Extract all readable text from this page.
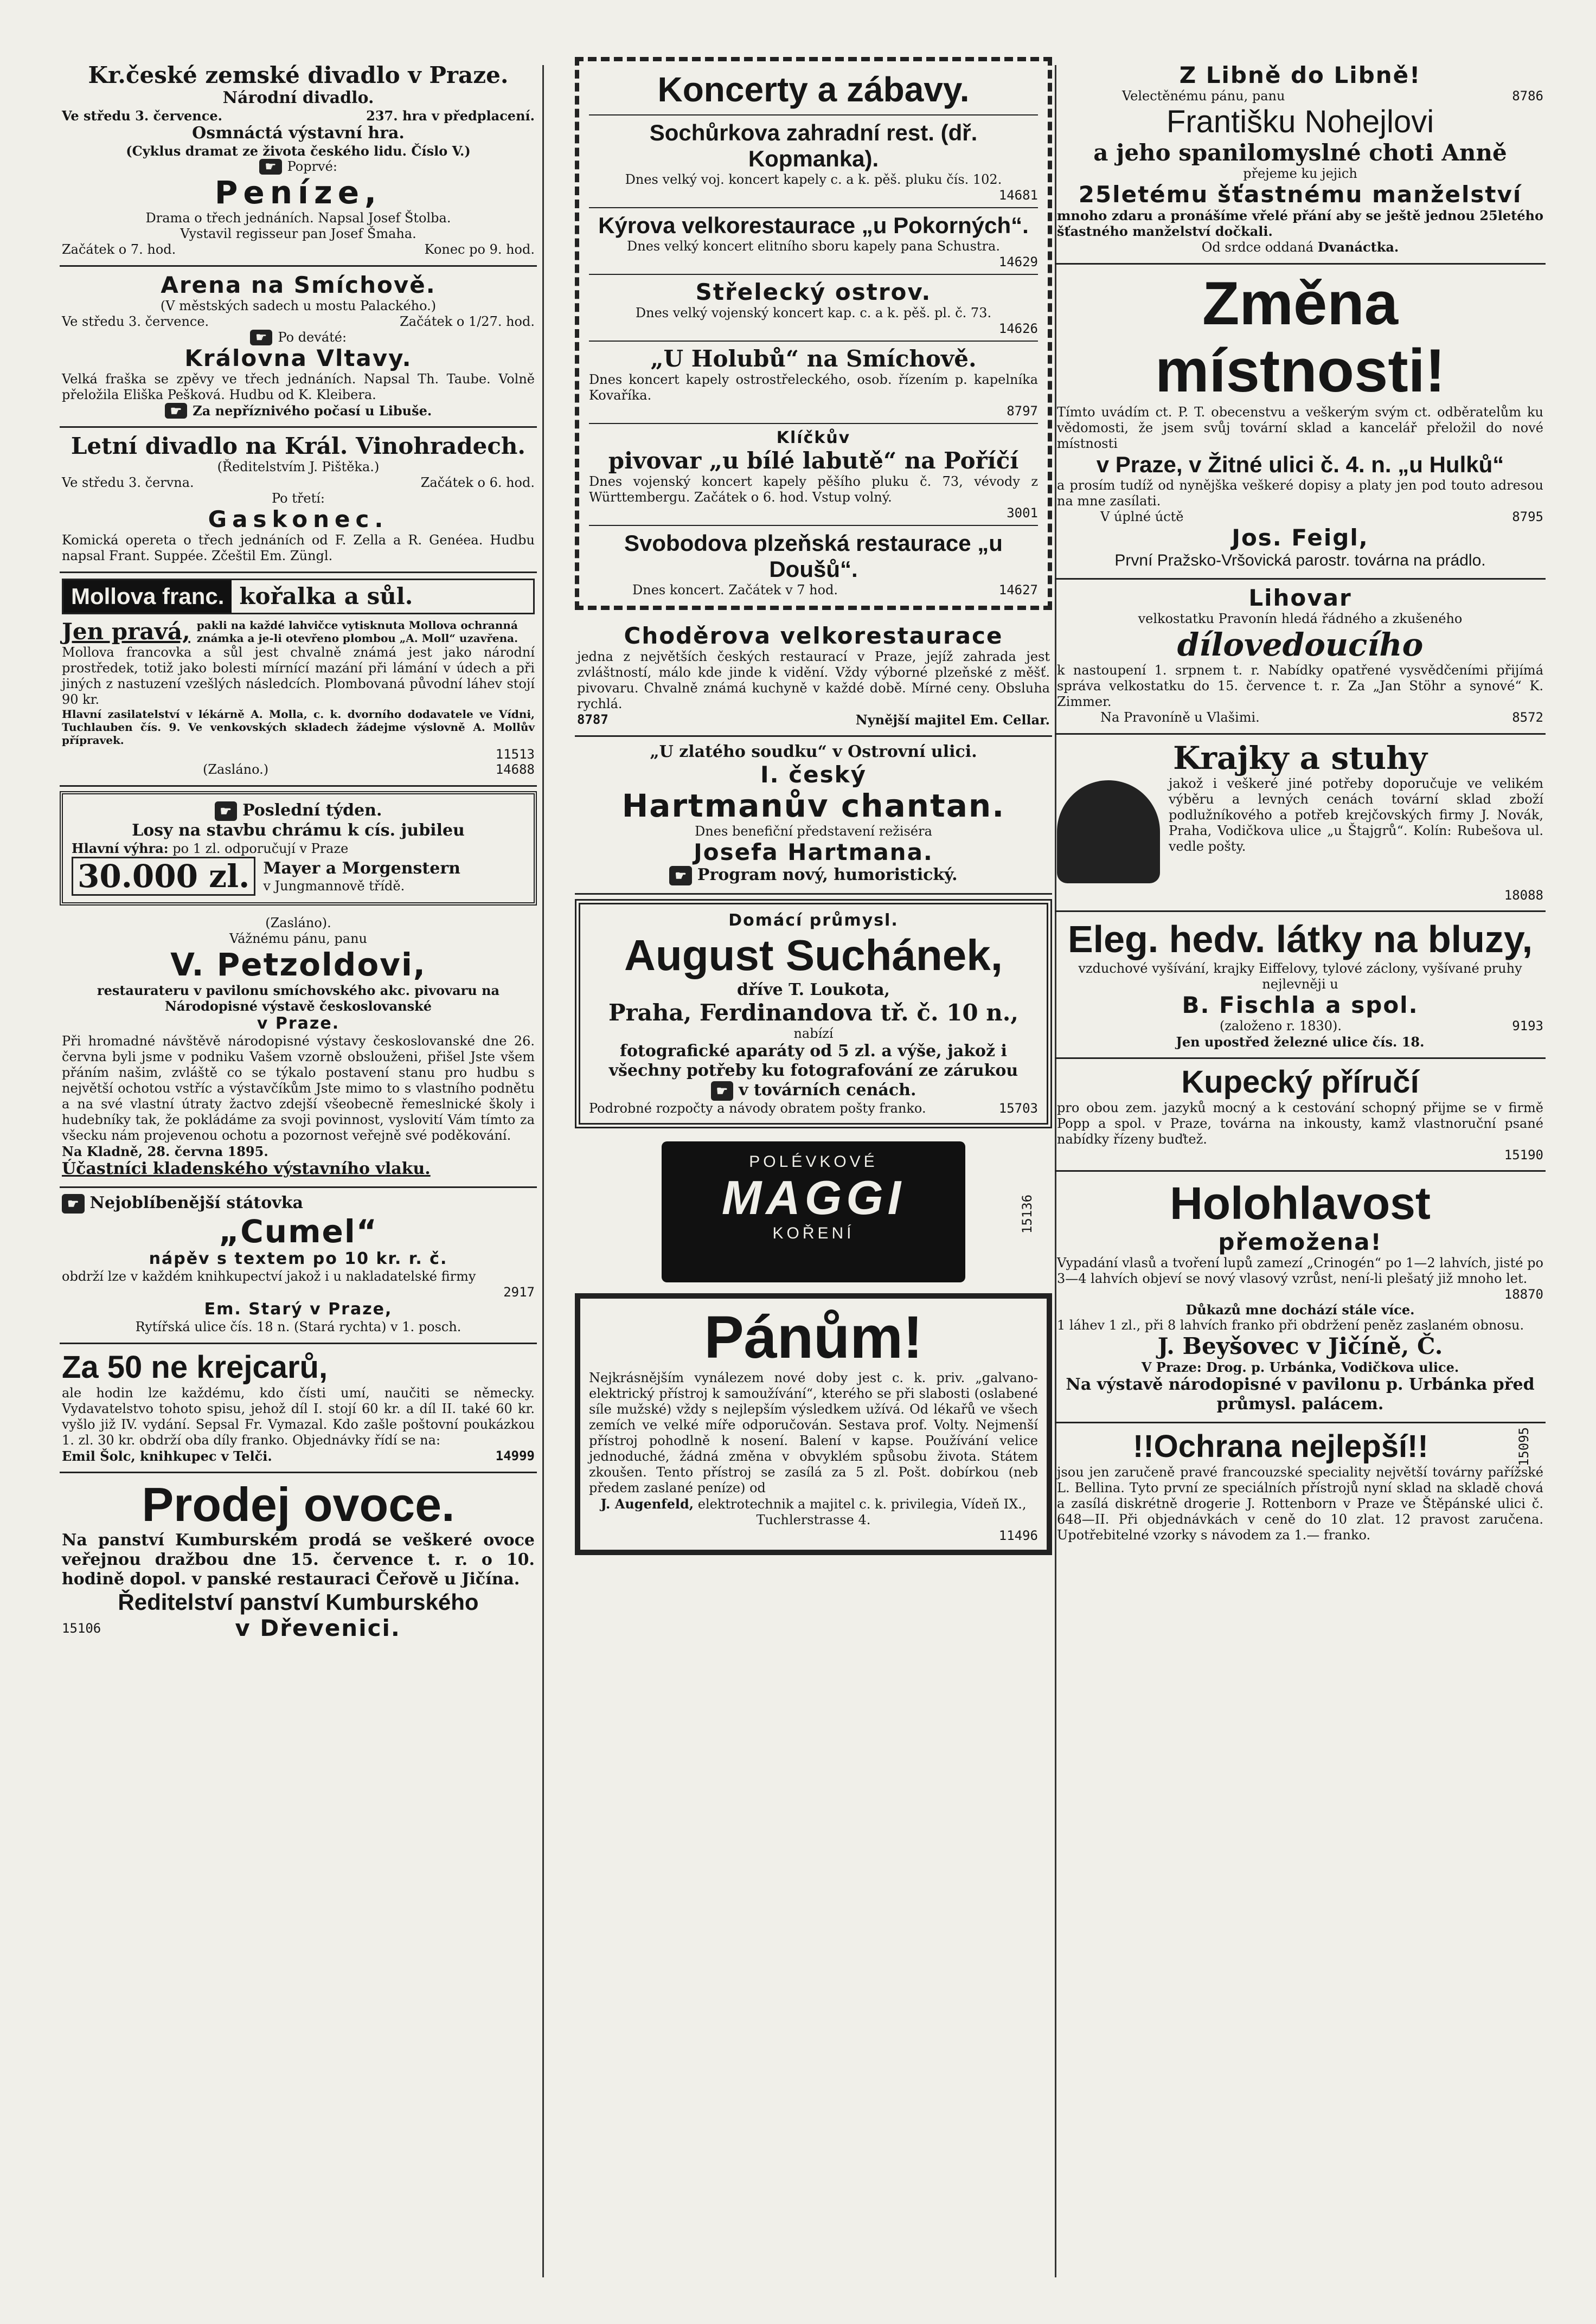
Kr.české zemské divadlo v Praze.
Národní divadlo.
Ve středu 3. července.	237. hra v předplacení.
Osmnáctá výstavní hra.
(Cyklus dramat ze života českého lidu. Číslo V.)
☛ Poprvé:
Peníze,
Drama o třech jednáních. Napsal Josef Štolba.
Vystavil regisseur pan Josef Šmaha.
Začátek o 7. hod.	Konec po 9. hod.
Arena na Smíchově.
(V městských sadech u mostu Palackého.)
Ve středu 3. července.	Začátek o 1/27. hod.
☛ Po deváté:
Královna Vltavy.
Velká fraška se zpěvy ve třech jednáních. Napsal Th. Taube. Volně přeložila Eliška Pešková. Hudbu od K. Kleibera.
☛ Za nepříznivého počasí u Libuše.
Letní divadlo na Král. Vinohradech.
(Ředitelstvím J. Pištěka.)
Ve středu 3. června.	Začátek o 6. hod.
Po třetí:
Gaskonec.
Komická opereta o třech jednáních od F. Zella a R. Genéea. Hudbu napsal Frant. Suppée. Zčeštil Em. Züngl.
Mollova franc. kořalka a sůl.
Jen pravá, pakli na každé lahvičce vytisknuta Mollova ochranná známka a je-li otevřeno plombou „A. Moll“ uzavřena.
Mollova francovka a sůl jest chvalně známá jest jako národní prostředek, totiž jako bolesti mírnící mazání při lámání v údech a při jiných z nastuzení vzešlých následcích. Plombovaná původní láhev stojí 90 kr.
Hlavní zasilatelství v lékárně A. Molla, c. k. dvorního dodavatele ve Vídni, Tuchlauben čís. 9. Ve venkovských skladech žádejme výslovně A. Mollův přípravek.
11513
(Zasláno.)	14688
☛ Poslední týden.
Losy na stavbu chrámu k cís. jubileu
Hlavní výhra: po 1 zl. odporučují v Praze
30.000 zl. Mayer a Morgenstern
v Jungmannově třídě.
(Zasláno).
Vážnému pánu, panu
V. Petzoldovi,
restaurateru v pavilonu smíchovského akc. pivovaru na Národopisné výstavě českoslovanské
v Praze.
Při hromadné návštěvě národopisné výstavy českoslovanské dne 26. června byli jsme v podniku Vašem vzorně obslouženi, přišel Jste všem přáním našim, zvláště co se týkalo postavení stanu pro hudbu s největší ochotou vstříc a výstavčíkům Jste mimo to s vlastního podnětu a na své vlastní útraty žactvo zdejší všeobecně řemeslnické školy i hudebníky tak, že pokládáme za svoji povinnost, vyslovití Vám tímto za všecku nám projevenou ochotu a pozornost veřejně své poděkování.
Na Kladně, 28. června 1895.
Účastníci kladenského výstavního vlaku.
☛ Nejoblíbenější státovka
„Cumel“
nápěv s textem po 10 kr. r. č.
obdrží lze v každém knihkupectví jakož i u nakladatelské firmy
2917
Em. Starý v Praze,
Rytířská ulice čís. 18 n. (Stará rychta) v 1. posch.
Za 50 ne krejcarů,
ale hodin lze každému, kdo čísti umí, naučiti se německy. Vydavatelstvo tohoto spisu, jehož díl I. stojí 60 kr. a díl II. také 60 kr. vyšlo již IV. vydání. Sepsal Fr. Vymazal. Kdo zašle poštovní poukázkou 1. zl. 30 kr. obdrží oba díly franko. Objednávky řídí se na:
Emil Šolc, knihkupec v Telči.	14999
Prodej ovoce.
Na panství Kumburském prodá se veškeré ovoce veřejnou dražbou dne 15. července t. r. o 10. hodině dopol. v panské restauraci Čeřově u Jičína.
Ředitelství panství Kumburského
15106	v Dřevenici.
Koncerty a zábavy.
Sochůrkova zahradní rest. (dř. Kopmanka).
Dnes velký voj. koncert kapely c. a k. pěš. pluku čís. 102.
14681
Kýrova velkorestaurace „u Pokorných“.
Dnes velký koncert elitního sboru kapely pana Schustra.
14629
Střelecký ostrov.
Dnes velký vojenský koncert kap. c. a k. pěš. pl. č. 73.
14626
„U Holubů“ na Smíchově.
Dnes koncert kapely ostrostřeleckého, osob. řízením p. kapelníka Kovaříka.
8797
Klíčkův
pivovar „u bílé labutě“ na Poříčí
Dnes vojenský koncert kapely pěšího pluku č. 73, vévody z Württembergu. Začátek o 6. hod. Vstup volný.
3001
Svobodova plzeňská restaurace „u Doušů“.
Dnes koncert. Začátek v 7 hod.	14627
Choděrova velkorestaurace
jedna z největších českých restaurací v Praze, jejíž zahrada jest zvláštností, málo kde jinde k vidění. Vždy výborné plzeňské z měšť. pivovaru. Chvalně známá kuchyně v každé době. Mírné ceny. Obsluha rychlá.
8787	Nynější majitel Em. Cellar.
„U zlatého soudku“ v Ostrovní ulici.
I. český
Hartmanův chantan.
Dnes benefiční představení režiséra
Josefa Hartmana.
☛ Program nový, humoristický.
Domácí průmysl.
August Suchánek,
dříve T. Loukota,
Praha, Ferdinandova tř. č. 10 n.,
nabízí
fotografické aparáty od 5 zl. a výše, jakož i všechny potřeby ku fotografování ze zárukou
☛ v továrních cenách.
Podrobné rozpočty a návody obratem pošty franko.	15703
POLÉVKOVÉ
MAGGI
KOŘENÍ	15136
Pánům!
Nejkrásnějším vynálezem nové doby jest c. k. priv. „galvano-elektrický přístroj k samoužívání“, kterého se při slabosti (oslabené síle mužské) vždy s nejlepším výsledkem užívá. Od lékařů ve všech zemích ve velké míře odporučován. Sestava prof. Volty. Nejmenší přístroj pohodlně k nosení. Balení v kapse. Používání velice jednoduché, žádná změna v obvyklém spůsobu života. Státem zkoušen. Tento přístroj se zasílá za 5 zl. Pošt. dobírkou (neb předem zaslané peníze) od
J. Augenfeld, elektrotechnik a majitel c. k. privilegia, Vídeň IX., Tuchlerstrasse 4.
11496
Z Libně do Libně!
Velectěnému pánu, panu	8786
Františku Nohejlovi
a jeho spanilomyslné choti Anně
přejeme ku jejich
25letému šťastnému manželství
mnoho zdaru a pronášíme vřelé přání aby se ještě jednou 25letého šťastného manželství dočkali.
Od srdce oddaná Dvanáctka.
Změna místnosti!
Tímto uvádím ct. P. T. obecenstvu a veškerým svým ct. odběratelům ku vědomosti, že jsem svůj tovární sklad a kancelář přeložil do nové místnosti
v Praze, v Žitné ulici č. 4. n. „u Hulků“
a prosím tudíž od nynějška veškeré dopisy a platy jen pod touto adresou na mne zasílati.
V úplné úctě	8795
Jos. Feigl,
První Pražsko-Vršovická parostr. továrna na prádlo.
Lihovar
velkostatku Pravonín hledá řádného a zkušeného
dílovedoucího
k nastoupení 1. srpnem t. r. Nabídky opatřené vysvědčeními přijímá správa velkostatku do 15. července t. r. Za „Jan Stöhr a synové“ K. Zimmer.
Na Pravoníně u Vlašimi.	8572
Krajky a stuhy
jakož i veškeré jiné potřeby doporučuje ve velikém výběru a levných cenách tovární sklad zboží podlužníkového a potřeb krejčovských firmy J. Novák, Praha, Vodičkova ulice „u Štajgrů“. Kolín: Rubešova ul. vedle pošty.
18088
Eleg. hedv. látky na bluzy,
vzduchové vyšívání, krajky Eiffelovy, tylové záclony, vyšívané pruhy nejlevněji u
B. Fischla a spol.
(založeno r. 1830).	9193
Jen upostřed železné ulice čís. 18.
Kupecký příručí
pro obou zem. jazyků mocný a k cestování schopný přijme se v firmě Popp a spol. v Praze, továrna na inkousty, kamž vlastnoruční psané nabídky řízeny buďtež.
15190
Holohlavost
přemožena!
Vypadání vlasů a tvoření lupů zamezí „Crinogén“ po 1—2 lahvích, jisté po 3—4 lahvích objeví se nový vlasový vzrůst, není-li plešatý již mnoho let.
18870
Důkazů mne dochází stále více.
1 láhev 1 zl., při 8 lahvích franko při obdržení peněz zaslaném obnosu.
J. Beyšovec v Jičíně, Č.
V Praze: Drog. p. Urbánka, Vodičkova ulice.
Na výstavě národopisné v pavilonu p. Urbánka před průmysl. palácem.
!!Ochrana nejlepší!!	15095
jsou jen zaručeně pravé francouzské speciality největší továrny pařížské L. Bellina. Tyto první ze speciálních přístrojů nyní sklad na skladě chová a zasílá diskrétně drogerie J. Rottenborn v Praze ve Štěpánské ulici č. 648—II. Při objednávkách v ceně do 10 zlat. 12 pravost zaručena. Upotřebitelné vzorky s návodem za 1.— franko.
